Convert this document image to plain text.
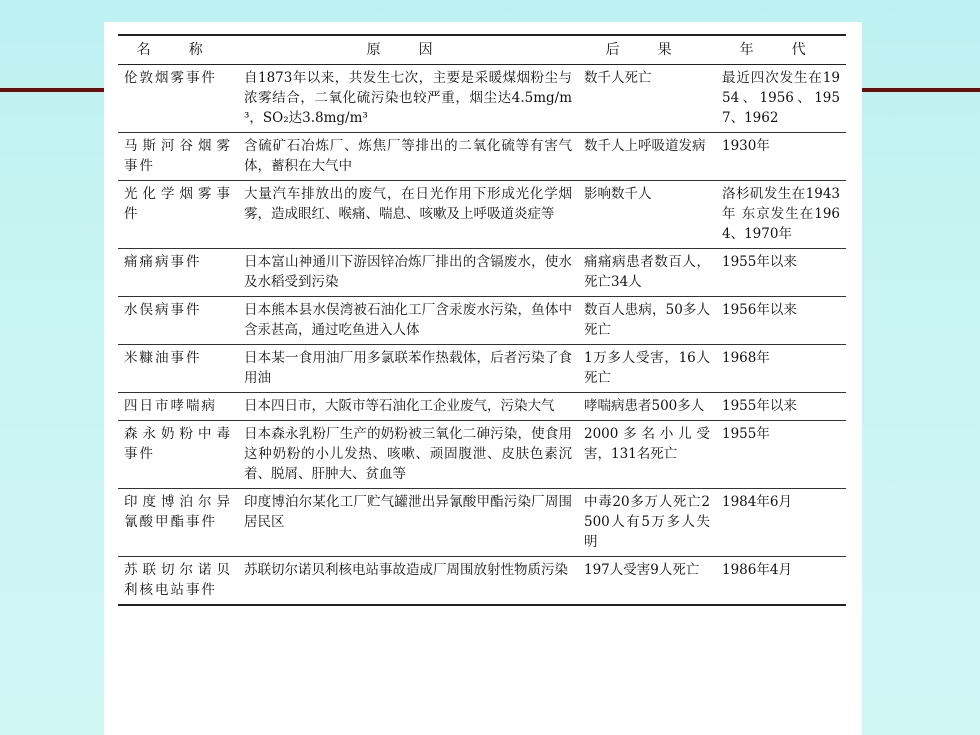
名 称	原 因	后 果	年 代
伦敦烟雾事件	自1873年以来，共发生七次，主要是采暖煤烟粉尘与浓雾结合，二氧化硫污染也较严重，烟尘达4.5mg/m³，SO₂达3.8mg/m³	数千人死亡	最近四次发生在1954、1956、1957、1962
马斯河谷烟雾事件	含硫矿石冶炼厂、炼焦厂等排出的二氧化硫等有害气体，蓄积在大气中	数千人上呼吸道发病	1930年
光化学烟雾事件	大量汽车排放出的废气，在日光作用下形成光化学烟雾，造成眼红、喉痛、喘息、咳嗽及上呼吸道炎症等	影响数千人	洛杉矶发生在1943年 东京发生在1964、1970年
痛痛病事件	日本富山神通川下游因锌冶炼厂排出的含镉废水，使水及水稻受到污染	痛痛病患者数百人，死亡34人	1955年以来
水俣病事件	日本熊本县水俣湾被石油化工厂含汞废水污染，鱼体中含汞甚高，通过吃鱼进入人体	数百人患病，50多人死亡	1956年以来
米糠油事件	日本某一食用油厂用多氯联苯作热载体，后者污染了食用油	1万多人受害，16人死亡	1968年
四日市哮喘病	日本四日市，大阪市等石油化工企业废气，污染大气	哮喘病患者500多人	1955年以来
森永奶粉中毒事件	日本森永乳粉厂生产的奶粉被三氧化二砷污染，使食用这种奶粉的小儿发热、咳嗽、顽固腹泄、皮肤色素沉着、脱屑、肝肿大、贫血等	2000多名小儿受害，131名死亡	1955年
印度博泊尔异氰酸甲酯事件	印度博泊尔某化工厂贮气罐泄出异氰酸甲酯污染厂周围居民区	中毒20多万人死亡2500人有5万多人失明	1984年6月
苏联切尔诺贝利核电站事件	苏联切尔诺贝利核电站事故造成厂周围放射性物质污染	197人受害9人死亡	1986年4月
